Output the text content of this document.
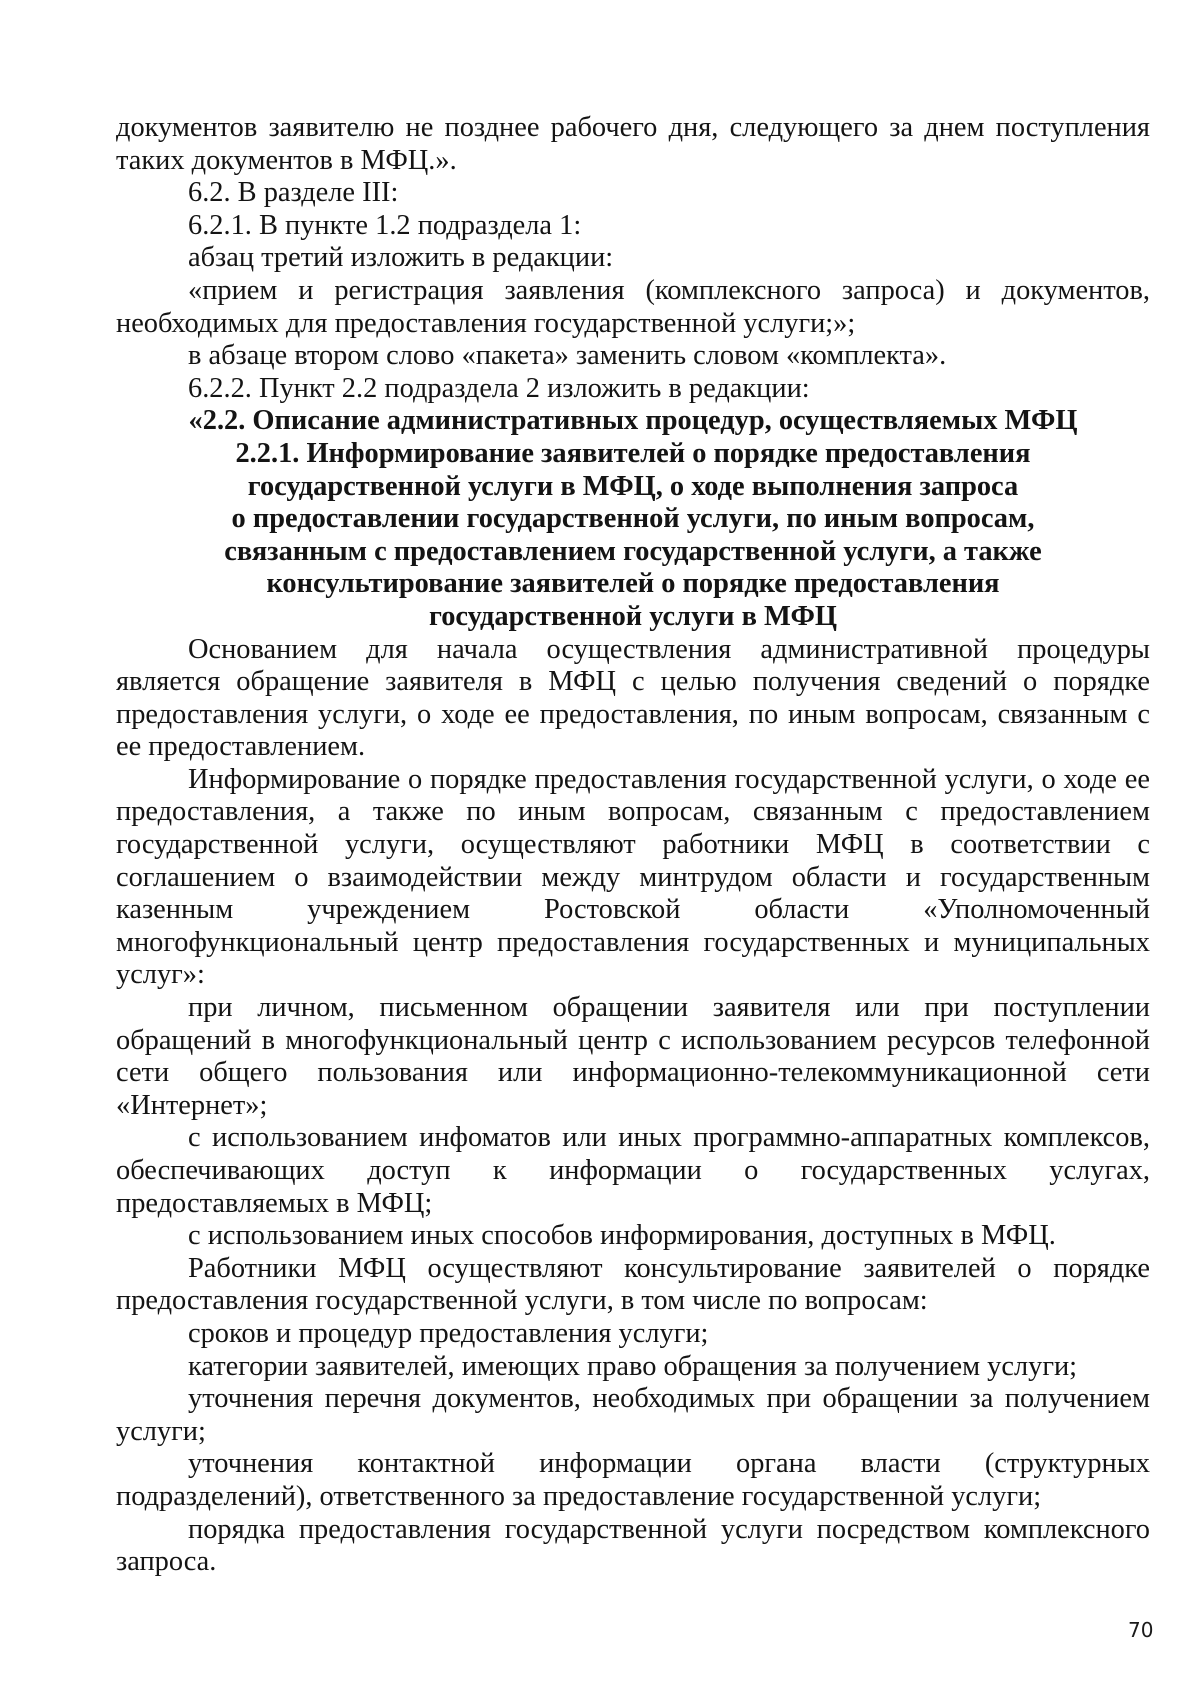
документов заявителю не позднее рабочего дня, следующего за днем поступления таких документов в МФЦ.».

6.2. В разделе III:

6.2.1. В пункте 1.2 подраздела 1:

абзац третий изложить в редакции:

«прием и регистрация заявления (комплексного запроса) и документов, необходимых для предоставления государственной услуги;»;

в абзаце втором слово «пакета» заменить словом «комплекта».

6.2.2. Пункт 2.2 подраздела 2 изложить в редакции:

«2.2. Описание административных процедур, осуществляемых МФЦ

2.2.1. Информирование заявителей о порядке предоставления

государственной услуги в МФЦ, о ходе выполнения запроса

о предоставлении государственной услуги, по иным вопросам,

связанным с предоставлением государственной услуги, а также

консультирование заявителей о порядке предоставления

государственной услуги в МФЦ

Основанием для начала осуществления административной процедуры является обращение заявителя в МФЦ с целью получения сведений о порядке предоставления услуги, о ходе ее предоставления, по иным вопросам, связанным с ее предоставлением.

Информирование о порядке предоставления государственной услуги, о ходе ее предоставления, а также по иным вопросам, связанным с предоставлением государственной услуги, осуществляют работники МФЦ в соответствии с соглашением о взаимодействии между минтрудом области и государственным казенным учреждением Ростовской области «Уполномоченный многофункциональный центр предоставления государственных и муниципальных услуг»:

при личном, письменном обращении заявителя или при поступлении обращений в многофункциональный центр с использованием ресурсов телефонной сети общего пользования или информационно-телекоммуникационной сети «Интернет»;

с использованием инфоматов или иных программно-аппаратных комплексов, обеспечивающих доступ к информации о государственных услугах, предоставляемых в МФЦ;

с использованием иных способов информирования, доступных в МФЦ.

Работники МФЦ осуществляют консультирование заявителей о порядке предоставления государственной услуги, в том числе по вопросам:

сроков и процедур предоставления услуги;

категории заявителей, имеющих право обращения за получением услуги;

уточнения перечня документов, необходимых при обращении за получением услуги;

уточнения контактной информации органа власти (структурных подразделений), ответственного за предоставление государственной услуги;

порядка предоставления государственной услуги посредством комплексного запроса.

70
